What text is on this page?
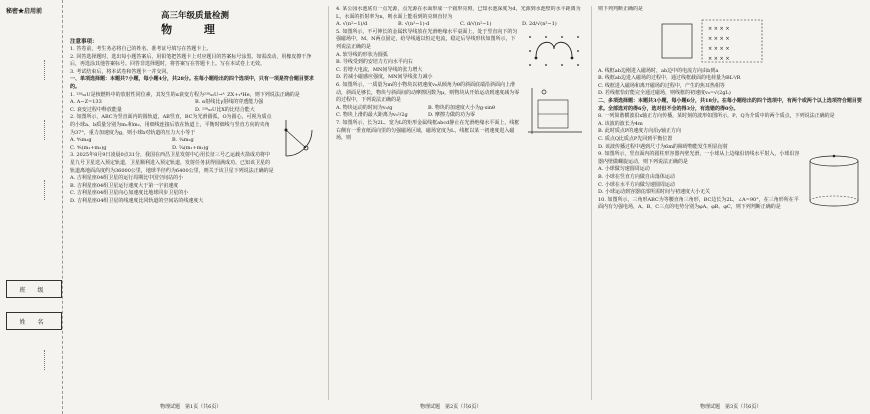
秘密★启用前
班 级
姓 名
高三年级质量检测
物 理
注意事项：

1. 答卷前，考生务必将自己的姓名、准考证号填写在答题卡上。

2. 回答选择题时，选出每小题答案后，用铅笔把答题卡上对应题目的答案标号涂黑。如需改动，用橡皮擦干净后，再选涂其他答案标号。回答非选择题时，将答案写在答题卡上。写在本试卷上无效。

3. 考试结束后，将本试卷和答题卡一并交回。

一、单项选择题：本题共7小题，每小题4分，共28分。在每小题给出的四个选项中，只有一项是符合题目要求的。

1. ²³⁸₉₂U是核燃料中的放射性同位素，其发生的α衰变方程为²³⁸₉₂U→ᴬ_ZX+₂⁴He，则下列说法正确的是

A. A−Z=133	B. α射线比γ射线的穿透能力强
C. 衰变过程中释放能量	D. ²³⁸₉₂U比X的比结合能大

2. 如图所示，ABC为竖直面内的圆轨道，AB竖直，BC为光滑圆弧，O为圆心，可视为质点的小球a、b质量分别为m₁和m₂，用细线连接后放在轨道上，平衡时细线与竖直方向的夹角为37°，重力加速度为g，则小球b对轨道的压力大小等于

A. ⁴⁄₃m₂g	B. ³⁄₄m₂g
C. ⁴⁄₅(m₁+m₂)g	D. ⁵⁄₄(m₁+m₂)g

3. 2025年8月9日凌晨0点31分，我国在西昌卫星发射中心用长征三号乙运载火箭成功将中星九号卫星送入预定轨道，卫星顺利进入预定轨道，发射任务获得圆满成功。已知该卫星的轨道离地面高度约为36000公里，地球半径约为6400公里，则关于该卫星下列说法正确的是

A. 吉利星座04组卫星的运行周期比中国空间站的小

B. 吉利星座04组卫星运行速度大于第一宇宙速度

C. 吉利星座04组卫星向心加速度比地球同步卫星的小

D. 吉利星座04组卫星的线速度比同轨道的空间站的线速度大

物理试题　第1页（共6页）

4. 某公园水池底有一点光源，点光源在水面形成一个圆形亮斑，已知水池深度为d，光源到水池壁的水平距离为L，水面的折射率为n，则水面上能看到的亮斑直径为

A. √(n²−1)/d	B. √(n²−1)·d	C. d/√(n²−1)	D. 2d/√(n²−1)

5. 如图所示，不可伸长的金属软导线放在光滑绝缘水平桌面上，处于竖直向下的匀强磁场中，M、N两点固定，给导线通以恒定电流，稳定后导线形状如图所示，下列说法正确的是

A. 软导线的形状为圆弧

B. 导线受到的安培力方向水平向右

C. 若增大电流，MN间导线的张力增大

D. 若减小磁感应强度，MN间导线张力减小

6. 如图所示，一质量为m的小物块以初速度v₀从倾角为θ的斜面底端沿斜面向上滑动，斜面足够长，物块与斜面间的动摩擦因数为μ，则物块从开始运动到速度减为零的过程中，下列说法正确的是

A. 物块运动的时间为v₀/g	B. 物块的加速度大小为g·sinθ
C. 物块上滑的最大距离为v₀²/2g	D. 摩擦力做的功为零

7. 如图所示，长为2L、宽为L的矩形金属线框abcd静止在光滑绝缘水平面上，线框右侧有一垂直纸面向里的匀强磁场区域，磁场宽度为L，线框以某一初速度进入磁场，则

物理试题　第2页（共6页）

则下列判断正确的是

× × × ×
× × × ×
× × × ×
× × × ×

A. 线框ab边刚进入磁场时，ab边中的电流方向由b到a

B. 线框ab边进入磁场的过程中，通过线框截面的电荷量为BL²/R

C. 线框进入磁场和离开磁场的过程中，产生的焦耳热相等

D. 若线框恰好能完全通过磁场，则线框的初速度v₀=√(2gL)

二、多项选择题：本题共3小题，每小题6分，共18分。在每小题给出的四个选项中，有两个或两个以上选项符合题目要求。全部选对的得6分，选对但不全的得3分，有选错的得0分。

8. 一列简谐横波沿x轴正方向传播，某时刻的波形如图所示，P、Q为介质中的两个质点，下列说法正确的是

A. 该波的波长为4m

B. 此时质点P的速度方向沿y轴正方向

C. 质点Q比质点P先回到平衡位置

D. 该波传播过程中遇到尺寸为6m的障碍物能发生明显衍射

9. 如图所示，竖直面内的圆柱形容器内壁光滑，一小球从上边缘沿切线水平射入，小球沿容器内壁做螺旋运动，则下列说法正确的是

A. 小球做匀速圆周运动

B. 小球在竖直方向做自由落体运动

C. 小球在水平方向做匀速圆周运动

D. 小球运动到容器底部所需时间与初速度大小无关

10. 如图所示，三角形ABC为等腰直角三角形，BC边长为2L，∠A=90°，在三角形所在平面内有匀强电场，A、B、C三点的电势分别为φA、φB、φC，则下列判断正确的是

物理试题　第3页（共6页）
